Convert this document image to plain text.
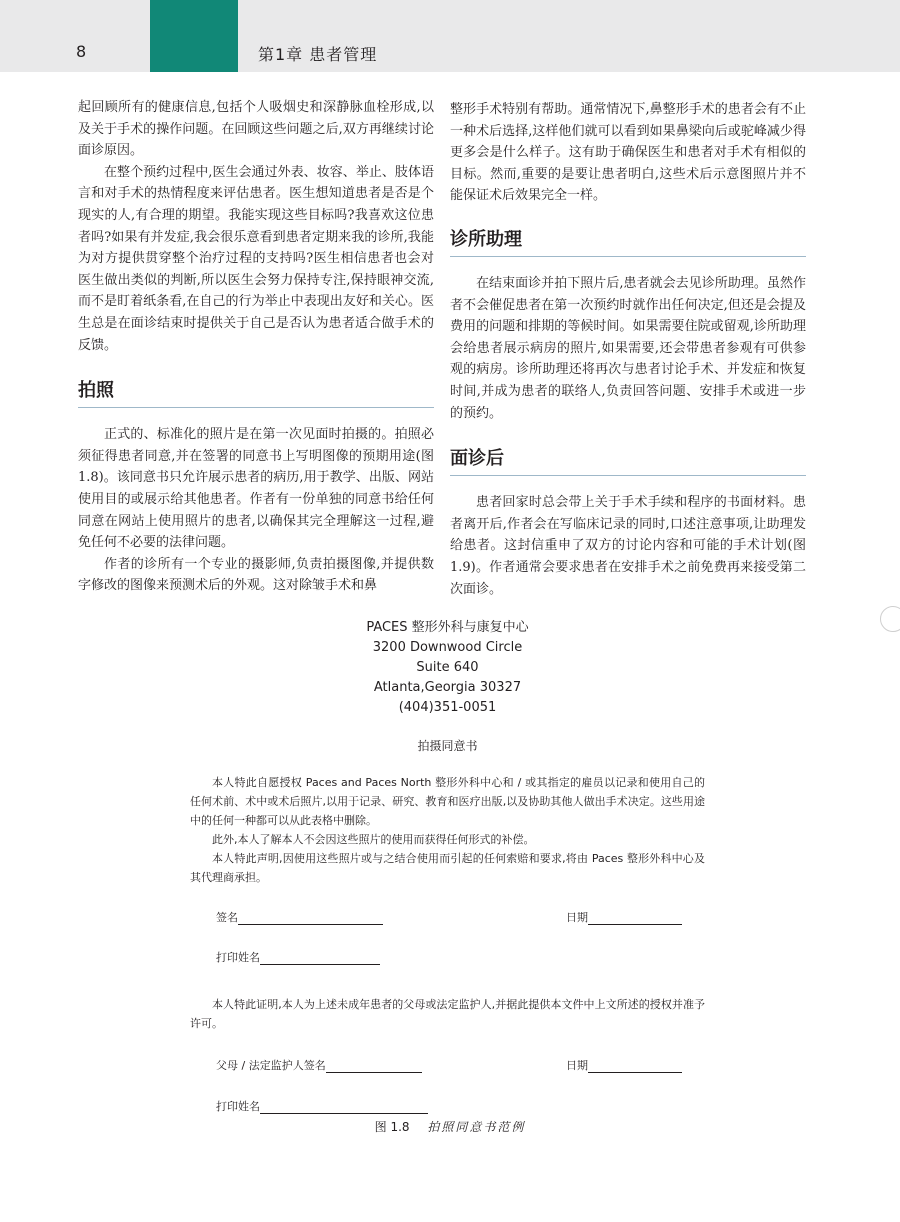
8	第1章 患者管理

起回顾所有的健康信息,包括个人吸烟史和深静脉血栓形成,以及关于手术的操作问题。在回顾这些问题之后,双方再继续讨论面诊原因。

在整个预约过程中,医生会通过外表、妆容、举止、肢体语言和对手术的热情程度来评估患者。医生想知道患者是否是个现实的人,有合理的期望。我能实现这些目标吗?我喜欢这位患者吗?如果有并发症,我会很乐意看到患者定期来我的诊所,我能为对方提供贯穿整个治疗过程的支持吗?医生相信患者也会对医生做出类似的判断,所以医生会努力保持专注,保持眼神交流,而不是盯着纸条看,在自己的行为举止中表现出友好和关心。医生总是在面诊结束时提供关于自己是否认为患者适合做手术的反馈。

拍照

正式的、标准化的照片是在第一次见面时拍摄的。拍照必须征得患者同意,并在签署的同意书上写明图像的预期用途(图 1.8)。该同意书只允许展示患者的病历,用于教学、出版、网站使用目的或展示给其他患者。作者有一份单独的同意书给任何同意在网站上使用照片的患者,以确保其完全理解这一过程,避免任何不必要的法律问题。

作者的诊所有一个专业的摄影师,负责拍摄图像,并提供数字修改的图像来预测术后的外观。这对除皱手术和鼻

整形手术特别有帮助。通常情况下,鼻整形手术的患者会有不止一种术后选择,这样他们就可以看到如果鼻梁向后或驼峰减少得更多会是什么样子。这有助于确保医生和患者对手术有相似的目标。然而,重要的是要让患者明白,这些术后示意图照片并不能保证术后效果完全一样。

诊所助理

在结束面诊并拍下照片后,患者就会去见诊所助理。虽然作者不会催促患者在第一次预约时就作出任何决定,但还是会提及费用的问题和排期的等候时间。如果需要住院或留观,诊所助理会给患者展示病房的照片,如果需要,还会带患者参观有可供参观的病房。诊所助理还将再次与患者讨论手术、并发症和恢复时间,并成为患者的联络人,负责回答问题、安排手术或进一步的预约。

面诊后

患者回家时总会带上关于手术手续和程序的书面材料。患者离开后,作者会在写临床记录的同时,口述注意事项,让助理发给患者。这封信重申了双方的讨论内容和可能的手术计划(图 1.9)。作者通常会要求患者在安排手术之前免费再来接受第二次面诊。

PACES 整形外科与康复中心
3200 Downwood Circle
Suite 640
Atlanta,Georgia 30327
(404)351-0051
拍摄同意书

本人特此自愿授权 Paces and Paces North 整形外科中心和 / 或其指定的雇员以记录和使用自己的任何术前、术中或术后照片,以用于记录、研究、教育和医疗出版,以及协助其他人做出手术决定。这些用途中的任何一种都可以从此表格中删除。

此外,本人了解本人不会因这些照片的使用而获得任何形式的补偿。

本人特此声明,因使用这些照片或与之结合使用而引起的任何索赔和要求,将由 Paces 整形外科中心及其代理商承担。

签名	日期
打印姓名

本人特此证明,本人为上述未成年患者的父母或法定监护人,并据此提供本文件中上文所述的授权并准予许可。

父母 / 法定监护人签名	日期
打印姓名
图 1.8 拍照同意书范例
